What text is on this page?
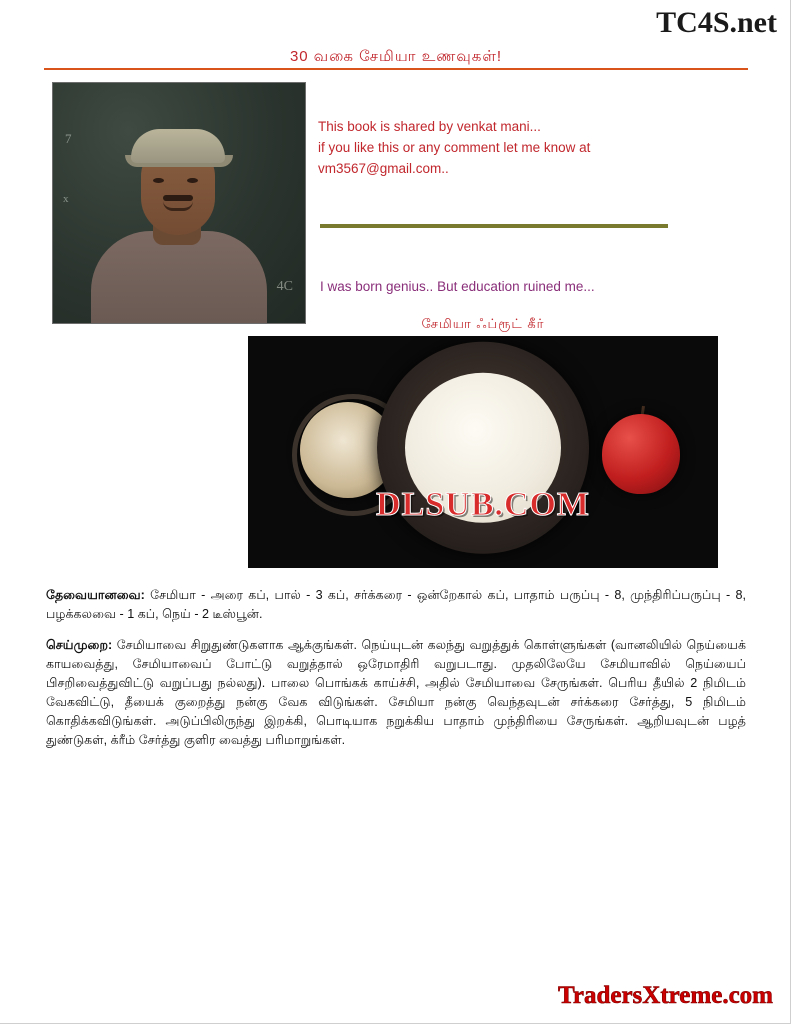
TC4S.net
30 வகை சேமியா உணவுகள்!
7
x
4C
This book is shared by venkat mani...
if you like this or any comment let me know at
vm3567@gmail.com..
I was born genius.. But education ruined me...
சேமியா ஃப்ரூட் கீர்
DLSUB.COM
தேவையானவை: சேமியா - அரை கப், பால் - 3 கப், சர்க்கரை - ஒன்றேகால் கப், பாதாம் பருப்பு - 8, முந்திரிப்பருப்பு - 8, பழக்கலவை - 1 கப், நெய் - 2 டீஸ்பூன்.
செய்முறை: சேமியாவை சிறுதுண்டுகளாக ஆக்குங்கள். நெய்யுடன் கலந்து வறுத்துக் கொள்ளுங்கள் (வானலியில் நெய்யைக் காயவைத்து, சேமியாவைப் போட்டு வறுத்தால் ஒரேமாதிரி வறுபடாது. முதலிலேயே சேமியாவில் நெய்யைப் பிசறிவைத்துவிட்டு வறுப்பது நல்லது). பாலை பொங்கக் காய்ச்சி, அதில் சேமியாவை சேருங்கள். பெரிய தீயில் 2 நிமிடம் வேகவிட்டு, தீயைக் குறைத்து நன்கு வேக விடுங்கள். சேமியா நன்கு வெந்தவுடன் சர்க்கரை சேர்த்து, 5 நிமிடம் கொதிக்கவிடுங்கள். அடுப்பிலிருந்து இறக்கி, பொடியாக நறுக்கிய பாதாம் முந்திரியை சேருங்கள். ஆறியவுடன் பழத் துண்டுகள், க்ரீம் சேர்த்து குளிர வைத்து பரிமாறுங்கள்.
TradersXtreme.com
